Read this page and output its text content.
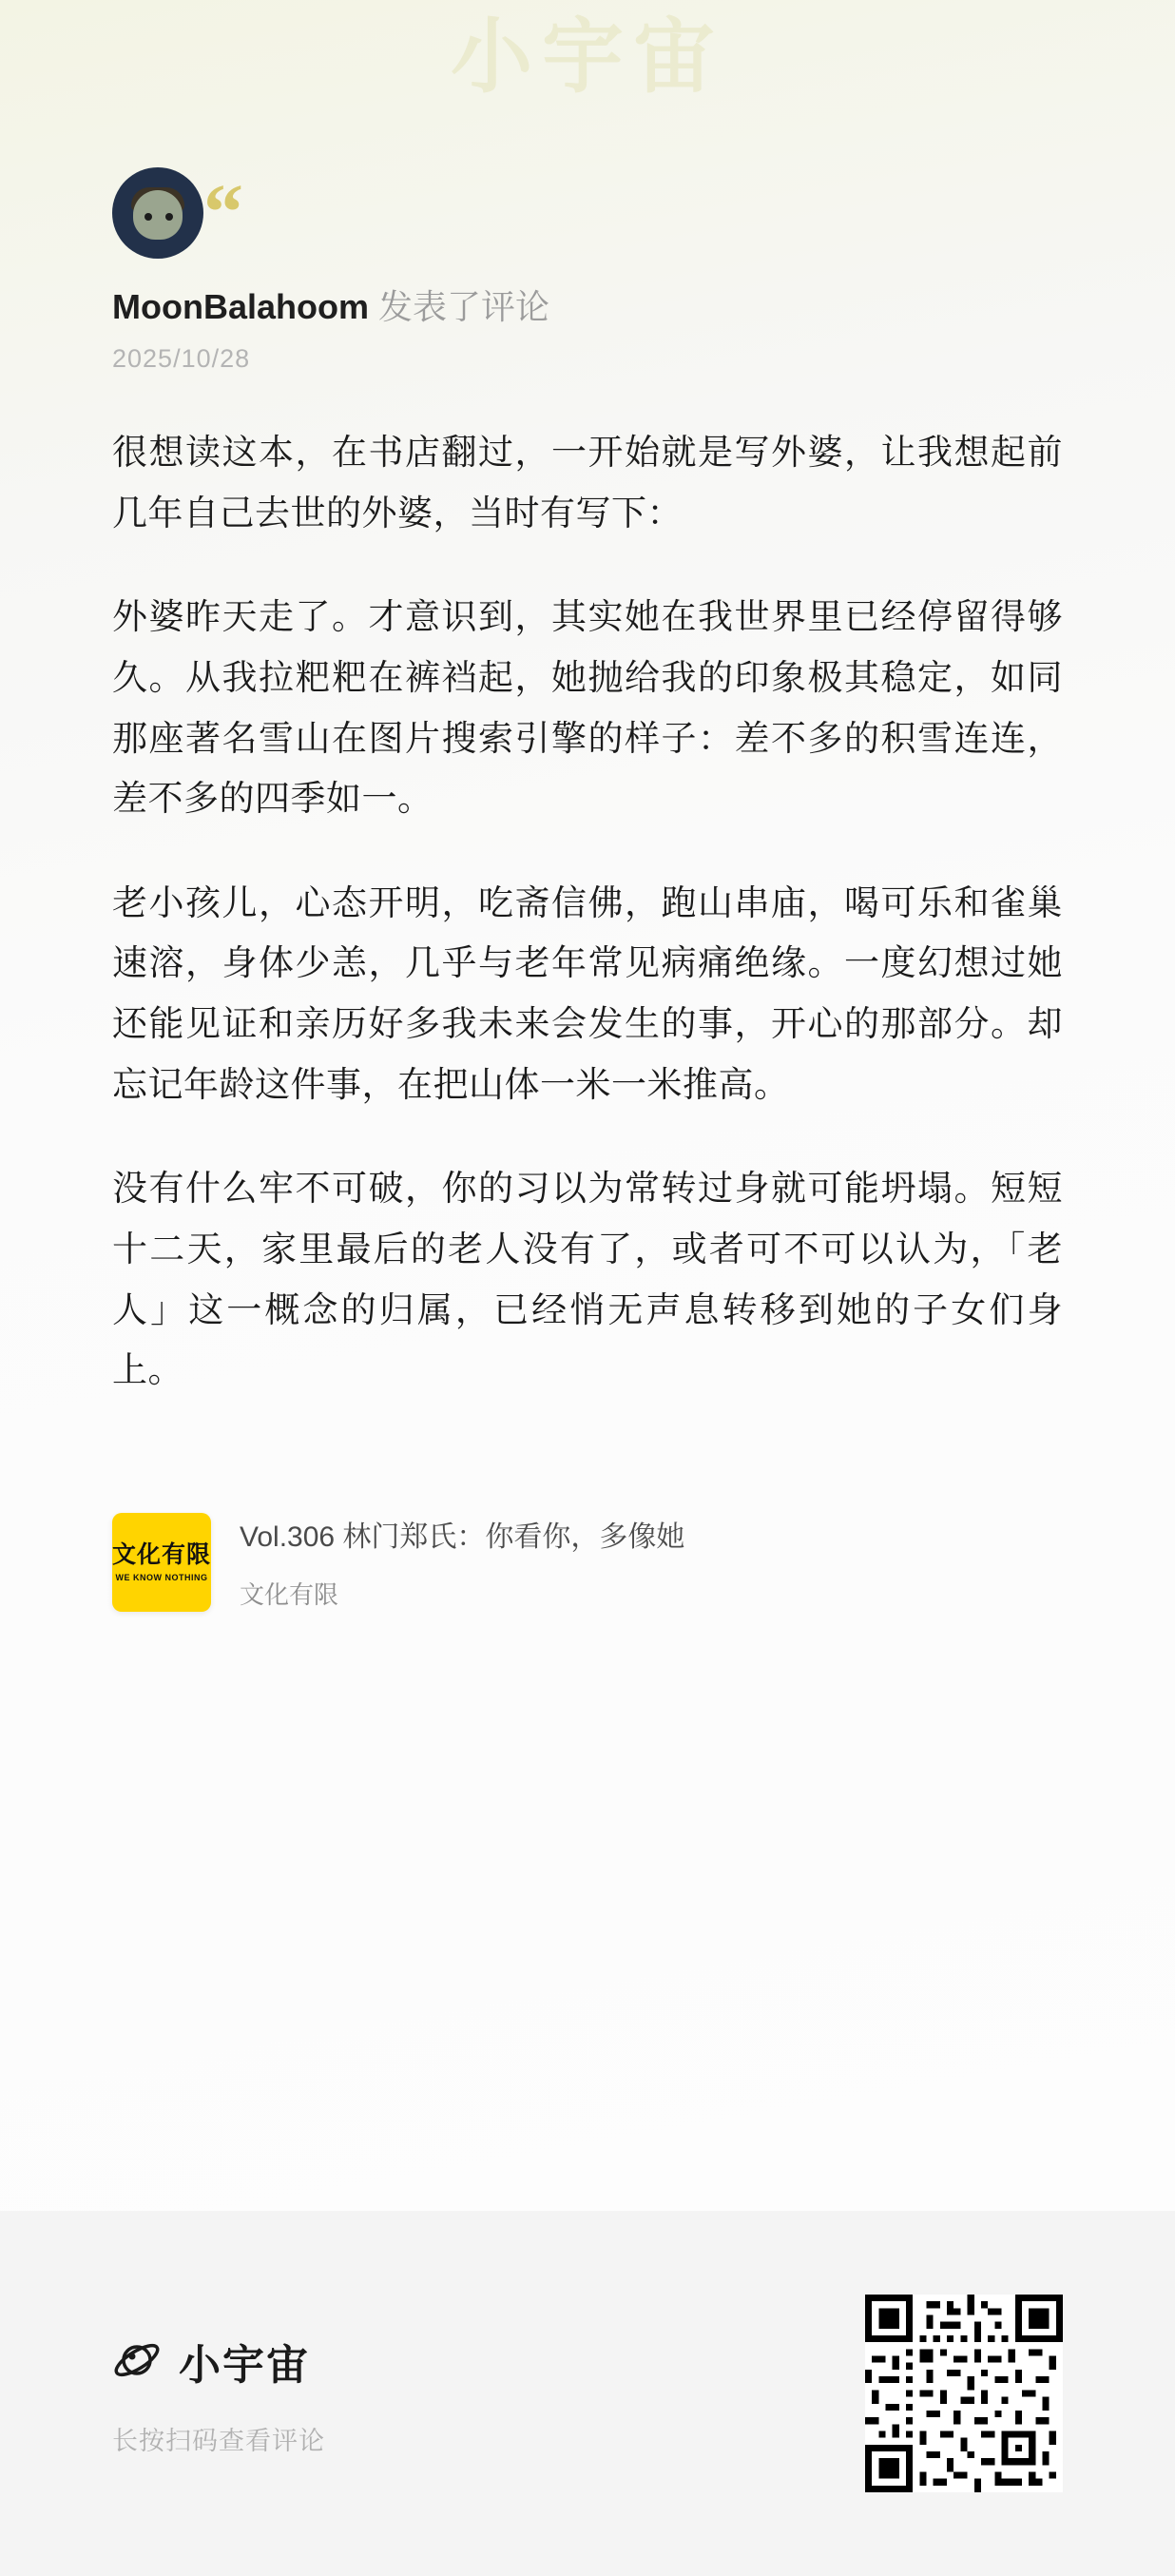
小宇宙
“
MoonBalahoom 发表了评论
2025/10/28

很想读这本，在书店翻过，一开始就是写外婆，让我想起前几年自己去世的外婆，当时有写下：

外婆昨天走了。才意识到，其实她在我世界里已经停留得够久。从我拉粑粑在裤裆起，她抛给我的印象极其稳定，如同那座著名雪山在图片搜索引擎的样子：差不多的积雪连连，差不多的四季如一。

老小孩儿，心态开明，吃斋信佛，跑山串庙，喝可乐和雀巢速溶，身体少恙，几乎与老年常见病痛绝缘。一度幻想过她还能见证和亲历好多我未来会发生的事，开心的那部分。却忘记年龄这件事，在把山体一米一米推高。

没有什么牢不可破，你的习以为常转过身就可能坍塌。短短十二天，家里最后的老人没有了，或者可不可以认为，「老人」这一概念的归属，已经悄无声息转移到她的子女们身上。

文化有限
WE KNOW NOTHING
Vol.306 林门郑氏：你看你，多像她
文化有限
小宇宙
长按扫码查看评论
